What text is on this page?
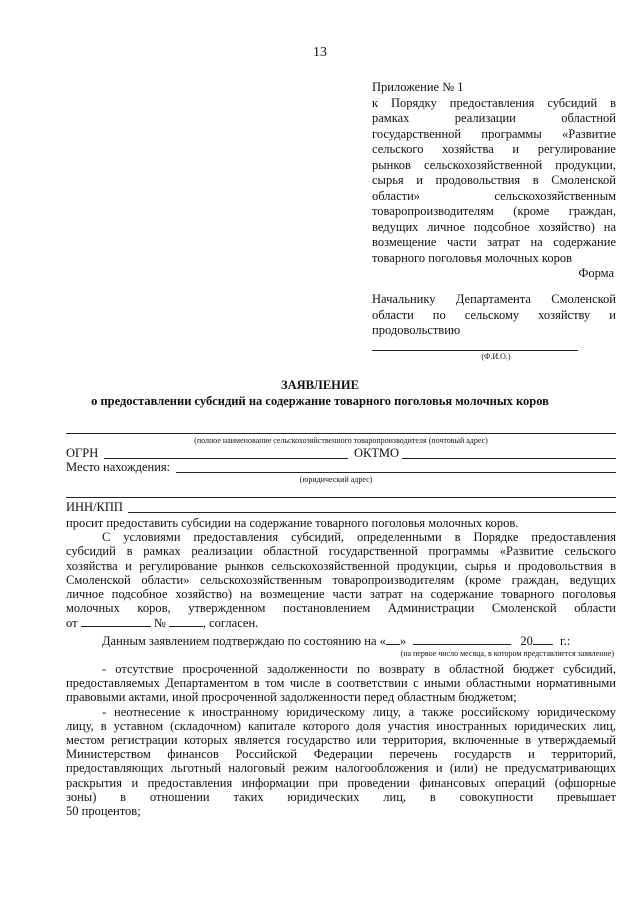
13
Приложение № 1
к Порядку предоставления субсидий в
рамках реализации областной
государственной программы «Развитие
сельского хозяйства и регулирование
рынков сельскохозяйственной продукции,
сырья и продовольствия в Смоленской
области» сельскохозяйственным
товаропроизводителям (кроме граждан,
ведущих личное подсобное хозяйство) на
возмещение части затрат на содержание
товарного поголовья молочных коров
Форма
Начальнику Департамента Смоленской
области по сельскому хозяйству и
продовольствию
(Ф.И.О.)
ЗАЯВЛЕНИЕ
о предоставлении субсидий на содержание товарного поголовья молочных коров
(полное наименование сельскохозяйственного товаропроизводителя (почтовый адрес)
ОГРН	ОКТМО
Место нахождения:
(юридический адрес)
ИНН/КПП

просит предоставить субсидии на содержание товарного поголовья молочных коров.

С условиями предоставления субсидий, определенными в Порядке предоставления

субсидий в рамках реализации областной государственной программы «Развитие сельского

хозяйства и регулирование рынков сельскохозяйственной продукции, сырья и продовольствия в

Смоленской области» сельскохозяйственным товаропроизводителям (кроме граждан, ведущих

личное подсобное хозяйство) на возмещение части затрат на содержание товарного поголовья

молочных коров, утвержденном постановлением Администрации Смоленской области

от	№	, согласен.

Данным заявлением подтверждаю по состоянию на « »	20 г.:

(на первое число месяца, в котором представляется заявление)

- отсутствие просроченной задолженности по возврату в областной бюджет субсидий,

предоставляемых Департаментом в том числе в соответствии с иными областными нормативными

правовыми актами, иной просроченной задолженности перед областным бюджетом;

- неотнесение к иностранному юридическому лицу, а также российскому юридическому

лицу, в уставном (складочном) капитале которого доля участия иностранных юридических лиц,

местом регистрации которых является государство или территория, включенные в утверждаемый

Министерством финансов Российской Федерации перечень государств и территорий,

предоставляющих льготный налоговый режим налогообложения и (или) не предусматривающих

раскрытия и предоставления информации при проведении финансовых операций (офшорные

зоны) в отношении таких юридических лиц, в совокупности превышает

50 процентов;
